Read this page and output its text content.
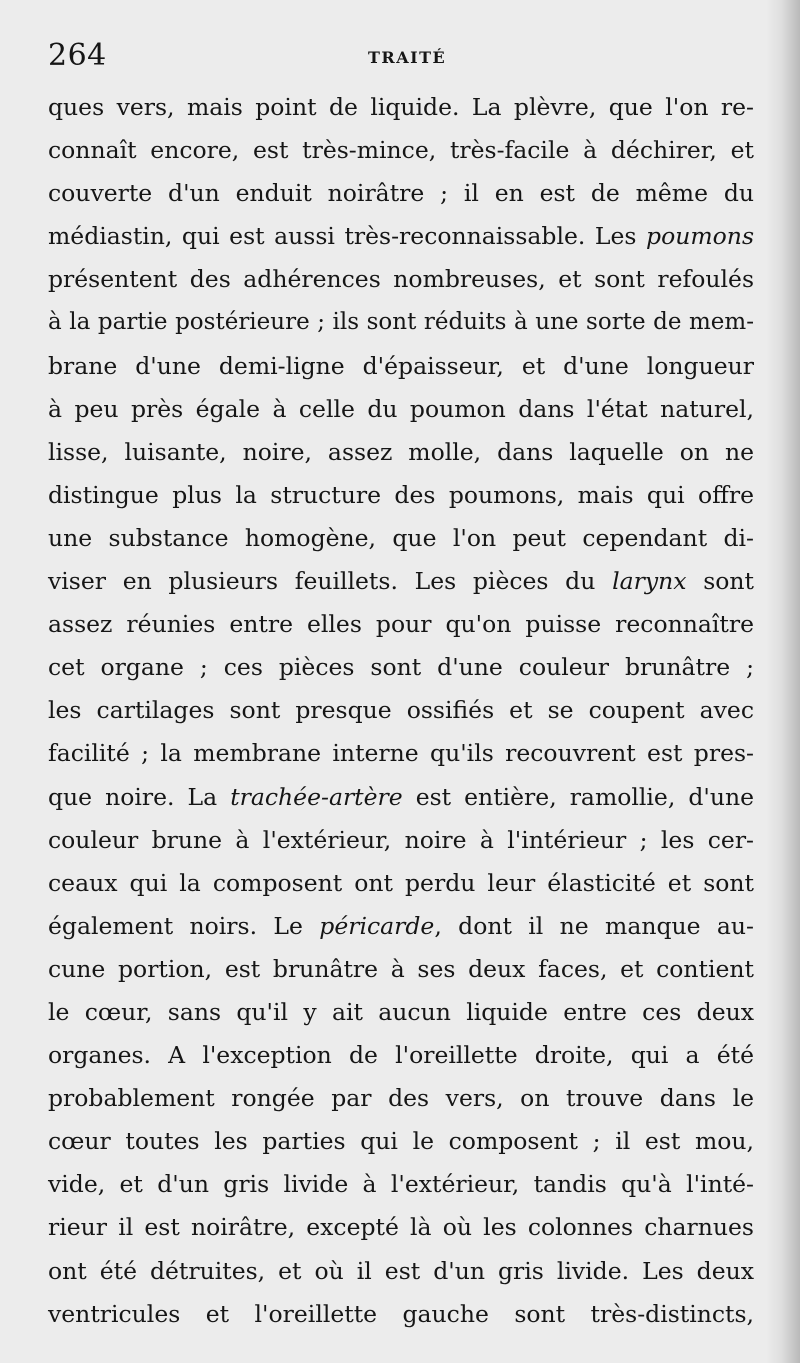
264	TRAITÉ
ques vers, mais point de liquide. La plèvre, que l'on re-
connaît encore, est très-mince, très-facile à déchirer, et
couverte d'un enduit noirâtre ; il en est de même du
médiastin, qui est aussi très-reconnaissable. Les poumons
présentent des adhérences nombreuses, et sont refoulés
à la partie postérieure ; ils sont réduits à une sorte de mem-
brane d'une demi-ligne d'épaisseur, et d'une longueur
à peu près égale à celle du poumon dans l'état naturel,
lisse, luisante, noire, assez molle, dans laquelle on ne
distingue plus la structure des poumons, mais qui offre
une substance homogène, que l'on peut cependant di-
viser en plusieurs feuillets. Les pièces du larynx sont
assez réunies entre elles pour qu'on puisse reconnaître
cet organe ; ces pièces sont d'une couleur brunâtre ;
les cartilages sont presque ossifiés et se coupent avec
facilité ; la membrane interne qu'ils recouvrent est pres-
que noire. La trachée-artère est entière, ramollie, d'une
couleur brune à l'extérieur, noire à l'intérieur ; les cer-
ceaux qui la composent ont perdu leur élasticité et sont
également noirs. Le péricarde, dont il ne manque au-
cune portion, est brunâtre à ses deux faces, et contient
le cœur, sans qu'il y ait aucun liquide entre ces deux
organes. A l'exception de l'oreillette droite, qui a été
probablement rongée par des vers, on trouve dans le
cœur toutes les parties qui le composent ; il est mou,
vide, et d'un gris livide à l'extérieur, tandis qu'à l'inté-
rieur il est noirâtre, excepté là où les colonnes charnues
ont été détruites, et où il est d'un gris livide. Les deux
ventricules et l'oreillette gauche sont très-distincts,
